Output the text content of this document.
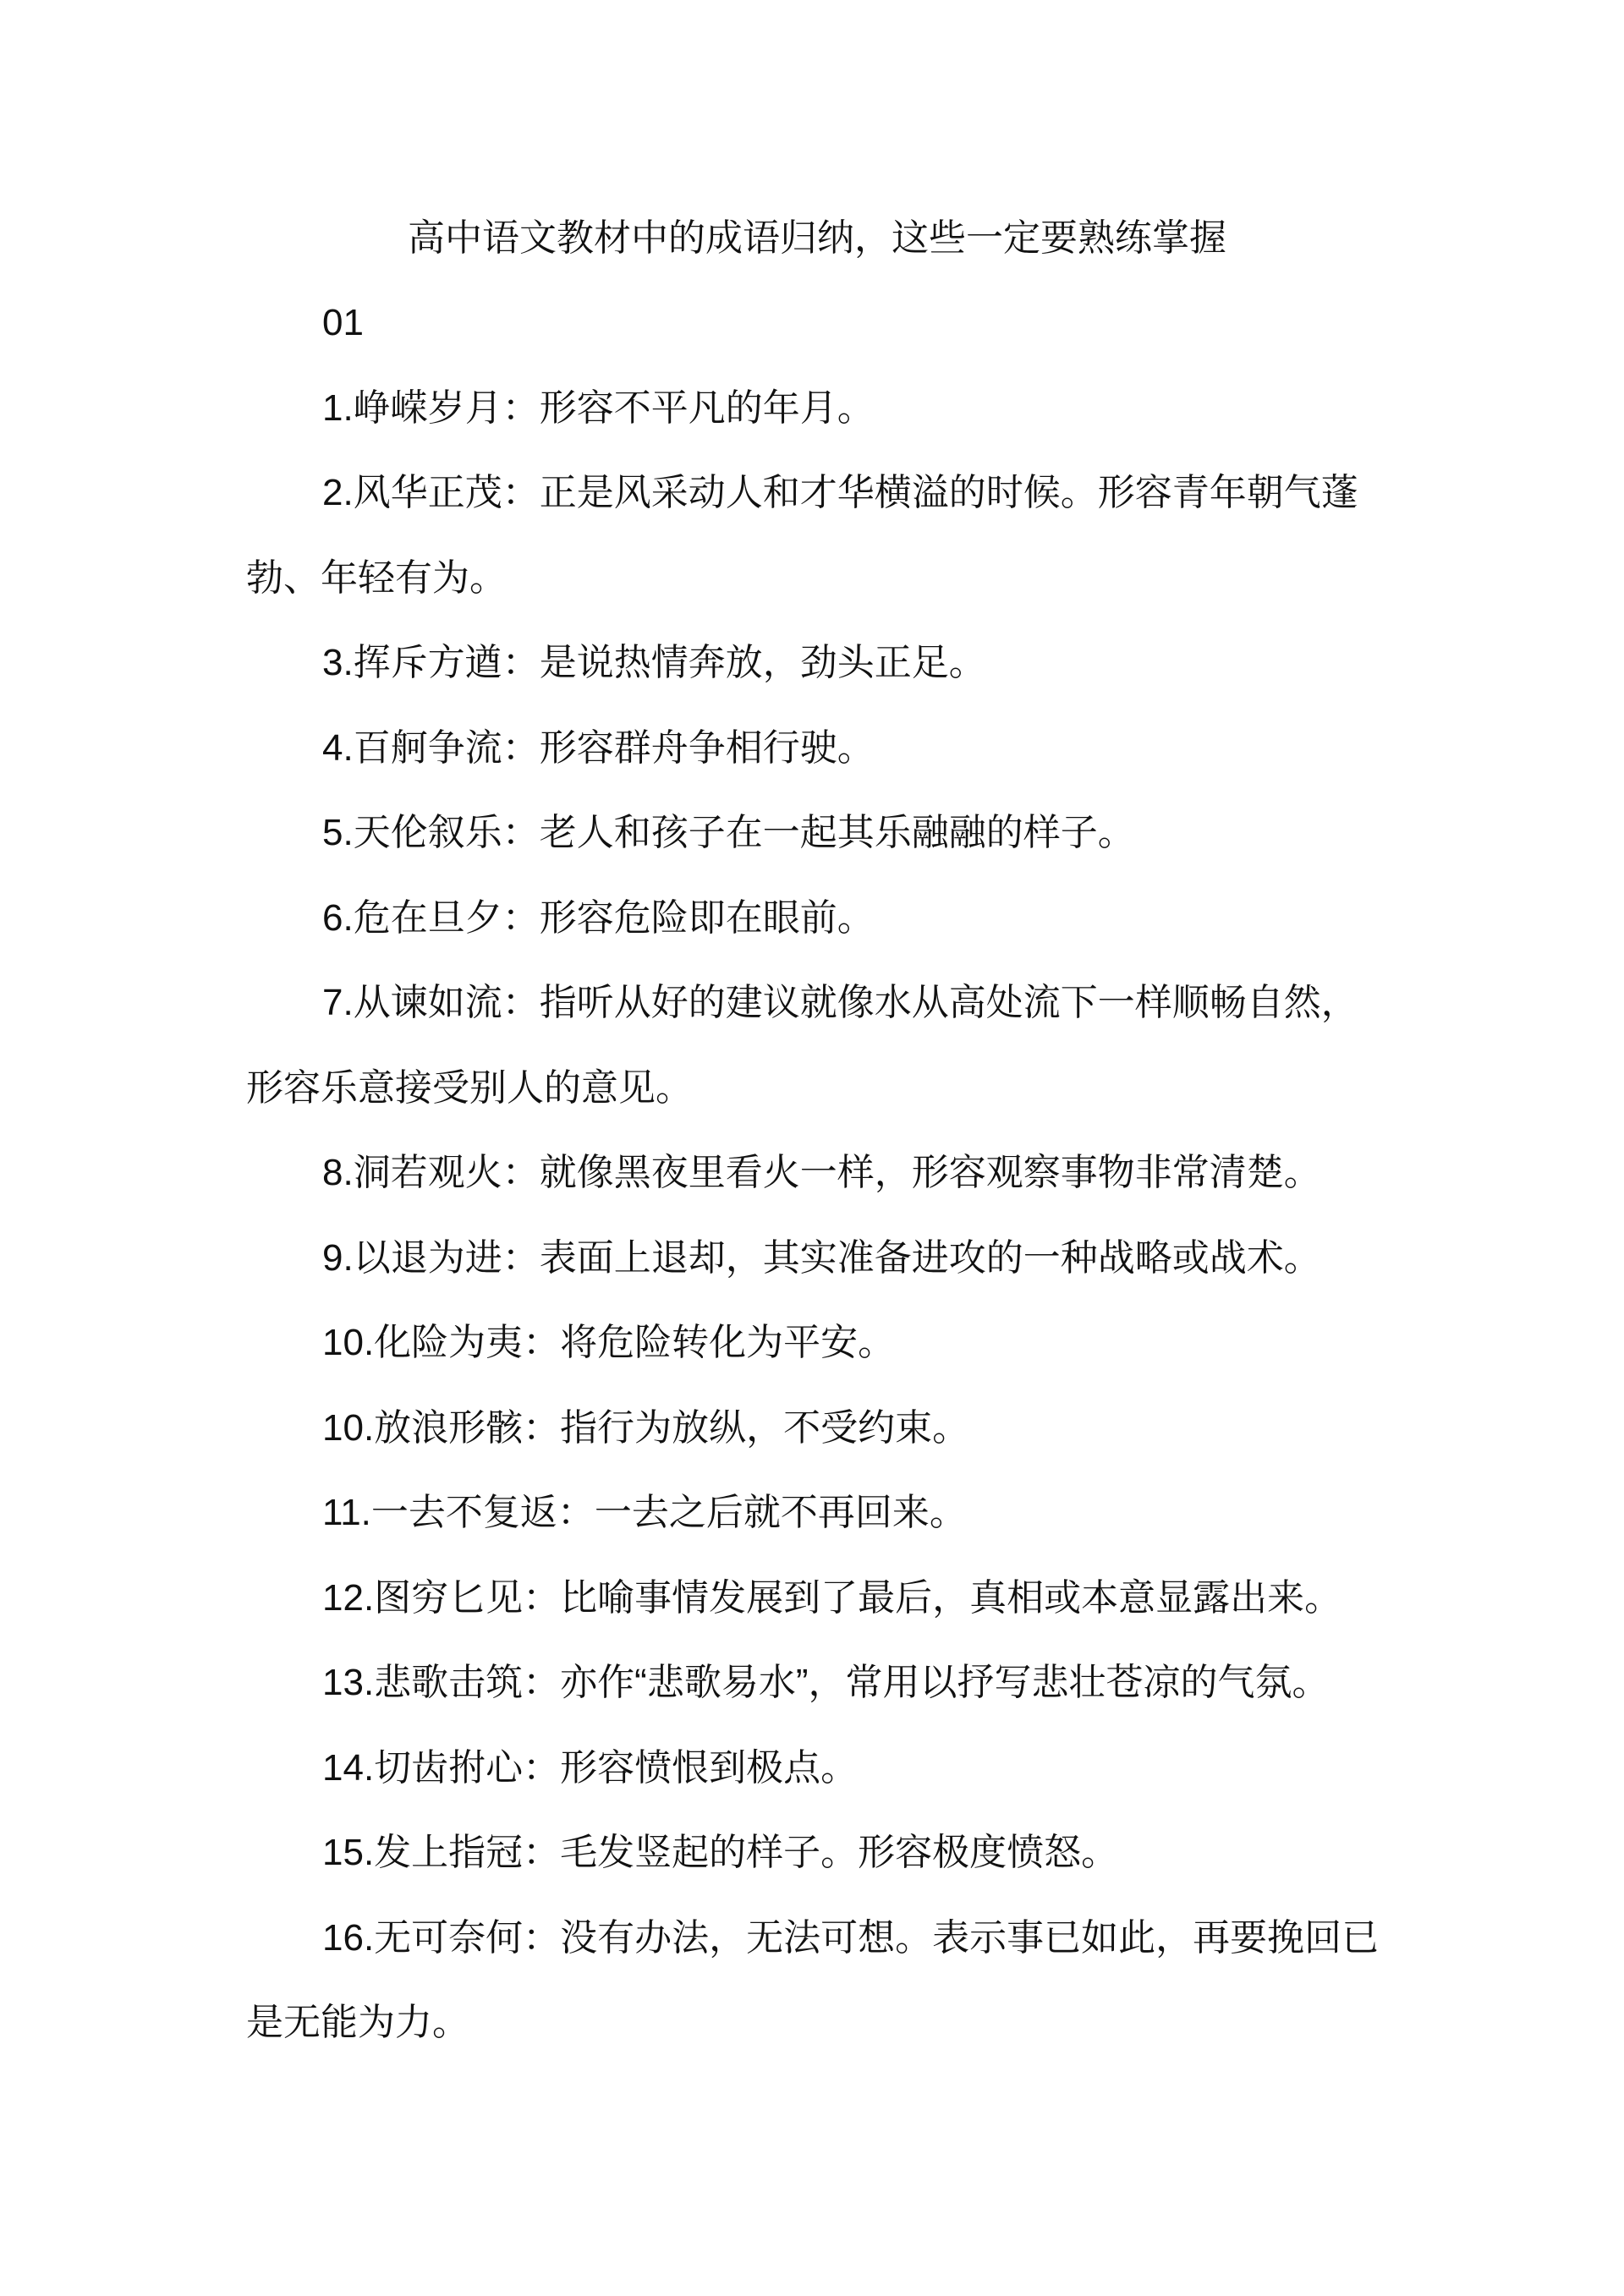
高中语文教材中的成语归纳，这些一定要熟练掌握

01

1.峥嵘岁月：形容不平凡的年月。

2.风华正茂：正是风采动人和才华横溢的时候。形容青年朝气蓬勃、年轻有为。

3.挥斥方遒：是说热情奔放，劲头正足。

4.百舸争流：形容群舟争相行驶。

5.天伦叙乐：老人和孩子在一起其乐融融的样子。

6.危在旦夕：形容危险即在眼前。

7.从谏如流：指听从好的建议就像水从高处流下一样顺畅自然，形容乐意接受别人的意见。

8.洞若观火：就像黑夜里看火一样，形容观察事物非常清楚。

9.以退为进：表面上退却，其实准备进攻的一种战略或战术。

10.化险为夷：将危险转化为平安。

10.放浪形骸：指行为放纵，不受约束。

11.一去不复返：一去之后就不再回来。

12.图穷匕见：比喻事情发展到了最后，真相或本意显露出来。

13.悲歌击筑：亦作“悲歌易水”，常用以抒写悲壮苍凉的气氛。

14.切齿拊心：形容愤恨到极点。

15.发上指冠：毛发竖起的样子。形容极度愤怒。

16.无可奈何：没有办法，无法可想。表示事已如此，再要挽回已是无能为力。
